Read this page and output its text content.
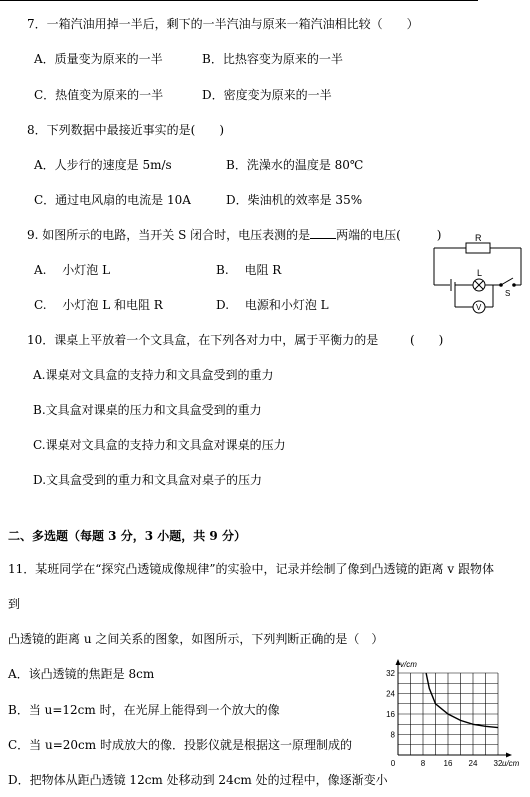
7．一箱汽油用掉一半后，剩下的一半汽油与原来一箱汽油相比较（　　）
A．质量变为原来的一半	B．比热容变为原来的一半
C．热值变为原来的一半	D．密度变为原来的一半
8．下列数据中最接近事实的是(　　)
A．人步行的速度是 5m/s	B．洗澡水的温度是 80℃
C．通过电风扇的电流是 10A	D．柴油机的效率是 35%
9. 如图所示的电路，当开关 S 闭合时，电压表测的是 两端的电压(　　　)
A.　 小灯泡 L	B.　 电阻 R
C.　 小灯泡 L 和电阻 R	D.　 电源和小灯泡 L
R
L
S
V
10．课桌上平放着一个文具盒，在下列各对力中，属于平衡力的是	(　　)
A.课桌对文具盒的支持力和文具盒受到的重力
B.文具盒对课桌的压力和文具盒受到的重力
C.课桌对文具盒的支持力和文具盒对课桌的压力
D.文具盒受到的重力和文具盒对桌子的压力
二、多选题（每题 3 分，3 小题，共 9 分）
11．某班同学在“探究凸透镜成像规律”的实验中，记录并绘制了像到凸透镜的距离 v 跟物体
到
凸透镜的距离 u 之间关系的图象，如图所示，下列判断正确的是（　）
A．该凸透镜的焦距是 8cm
B．当 u=12cm 时，在光屏上能得到一个放大的像
C．当 u=20cm 时成放大的像．投影仪就是根据这一原理制成的
D．把物体从距凸透镜 12cm 处移动到 24cm 处的过程中，像逐渐变小
0	8 16 24 32
8
16
24
32
u/cm
v/cm
